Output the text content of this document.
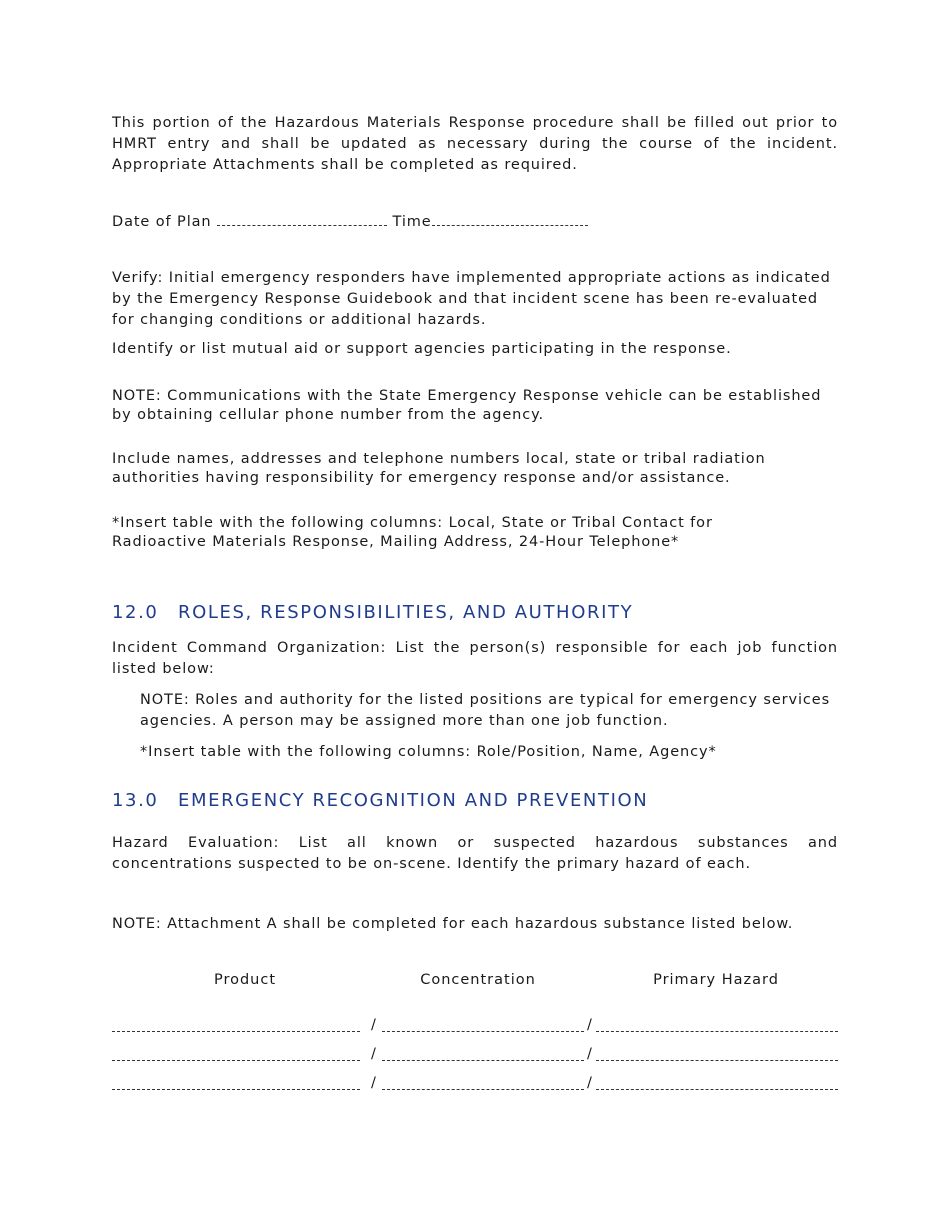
This portion of the Hazardous Materials Response procedure shall be filled out prior to HMRT entry and shall be updated as necessary during the course of the incident. Appropriate Attachments shall be completed as required.

Date of Plan	Time

Verify: Initial emergency responders have implemented appropriate actions as indicated by the Emergency Response Guidebook and that incident scene has been re-evaluated for changing conditions or additional hazards.

Identify or list mutual aid or support agencies participating in the response.

NOTE: Communications with the State Emergency Response vehicle can be established by obtaining cellular phone number from the agency.

Include names, addresses and telephone numbers local, state or tribal radiation authorities having responsibility for emergency response and/or assistance.

*Insert table with the following columns: Local, State or Tribal Contact for Radioactive Materials Response, Mailing Address, 24-Hour Telephone*

12.0 ROLES, RESPONSIBILITIES, AND AUTHORITY

Incident Command Organization: List the person(s) responsible for each job function listed below:

NOTE: Roles and authority for the listed positions are typical for emergency services agencies. A person may be assigned more than one job function.

*Insert table with the following columns: Role/Position, Name, Agency*

13.0 EMERGENCY RECOGNITION AND PREVENTION

Hazard Evaluation: List all known or suspected hazardous substances and concentrations suspected to be on-scene. Identify the primary hazard of each.

NOTE: Attachment A shall be completed for each hazardous substance listed below.

Product	Concentration	Primary Hazard
/	/
/	/
/	/
